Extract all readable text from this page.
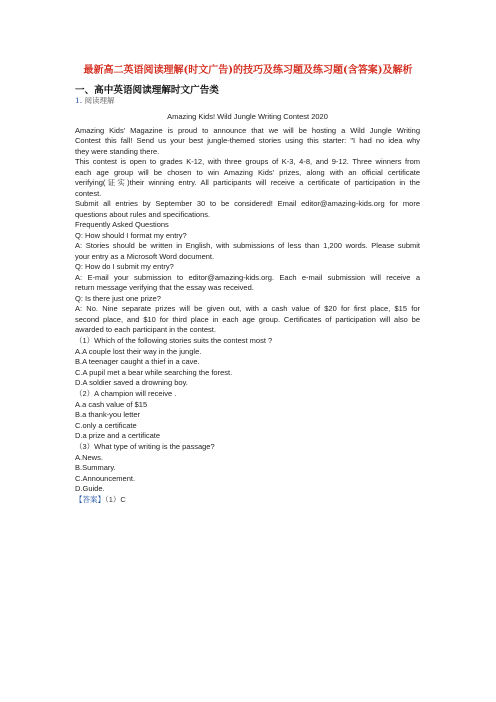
最新高二英语阅读理解(时文广告)的技巧及练习题及练习题(含答案)及解析
一、高中英语阅读理解时文广告类
1. 阅读理解
Amazing Kids! Wild Jungle Writing Contest 2020
Amazing Kids' Magazine is proud to announce that we will be hosting a Wild Jungle Writing
Contest this fall! Send us your best jungle-themed stories using this starter: "I had no idea why
they were standing there.
This contest is open to grades K-12, with three groups of K-3, 4-8, and 9-12. Three winners from
each age group will be chosen to win Amazing Kids' prizes, along with an official certificate
verifying(证实)their winning entry. All participants will receive a certificate of participation in the
contest.
Submit all entries by September 30 to be considered! Email editor@amazing-kids.org for more
questions about rules and specifications.
Frequently Asked Questions
Q: How should I format my entry?
A: Stories should be written in English, with submissions of less than 1,200 words. Please submit
your entry as a Microsoft Word document.
Q: How do I submit my entry?
A: E-mail your submission to editor@amazing-kids.org. Each e-mail submission will receive a
return message verifying that the essay was received.
Q: Is there just one prize?
A: No. Nine separate prizes will be given out, with a cash value of $20 for first place, $15 for
second place, and $10 for third place in each age group. Certificates of participation will also be
awarded to each participant in the contest.
（1）Which of the following stories suits the contest most ?
A.A couple lost their way in the jungle.
B.A teenager caught a thief in a cave.
C.A pupil met a bear while searching the forest.
D.A soldier saved a drowning boy.
（2）A champion will receive .
A.a cash value of $15
B.a thank-you letter
C.only a certificate
D.a prize and a certificate
（3）What type of writing is the passage?
A.News.
B.Summary.
C.Announcement.
D.Guide.
【答案】（1）C
